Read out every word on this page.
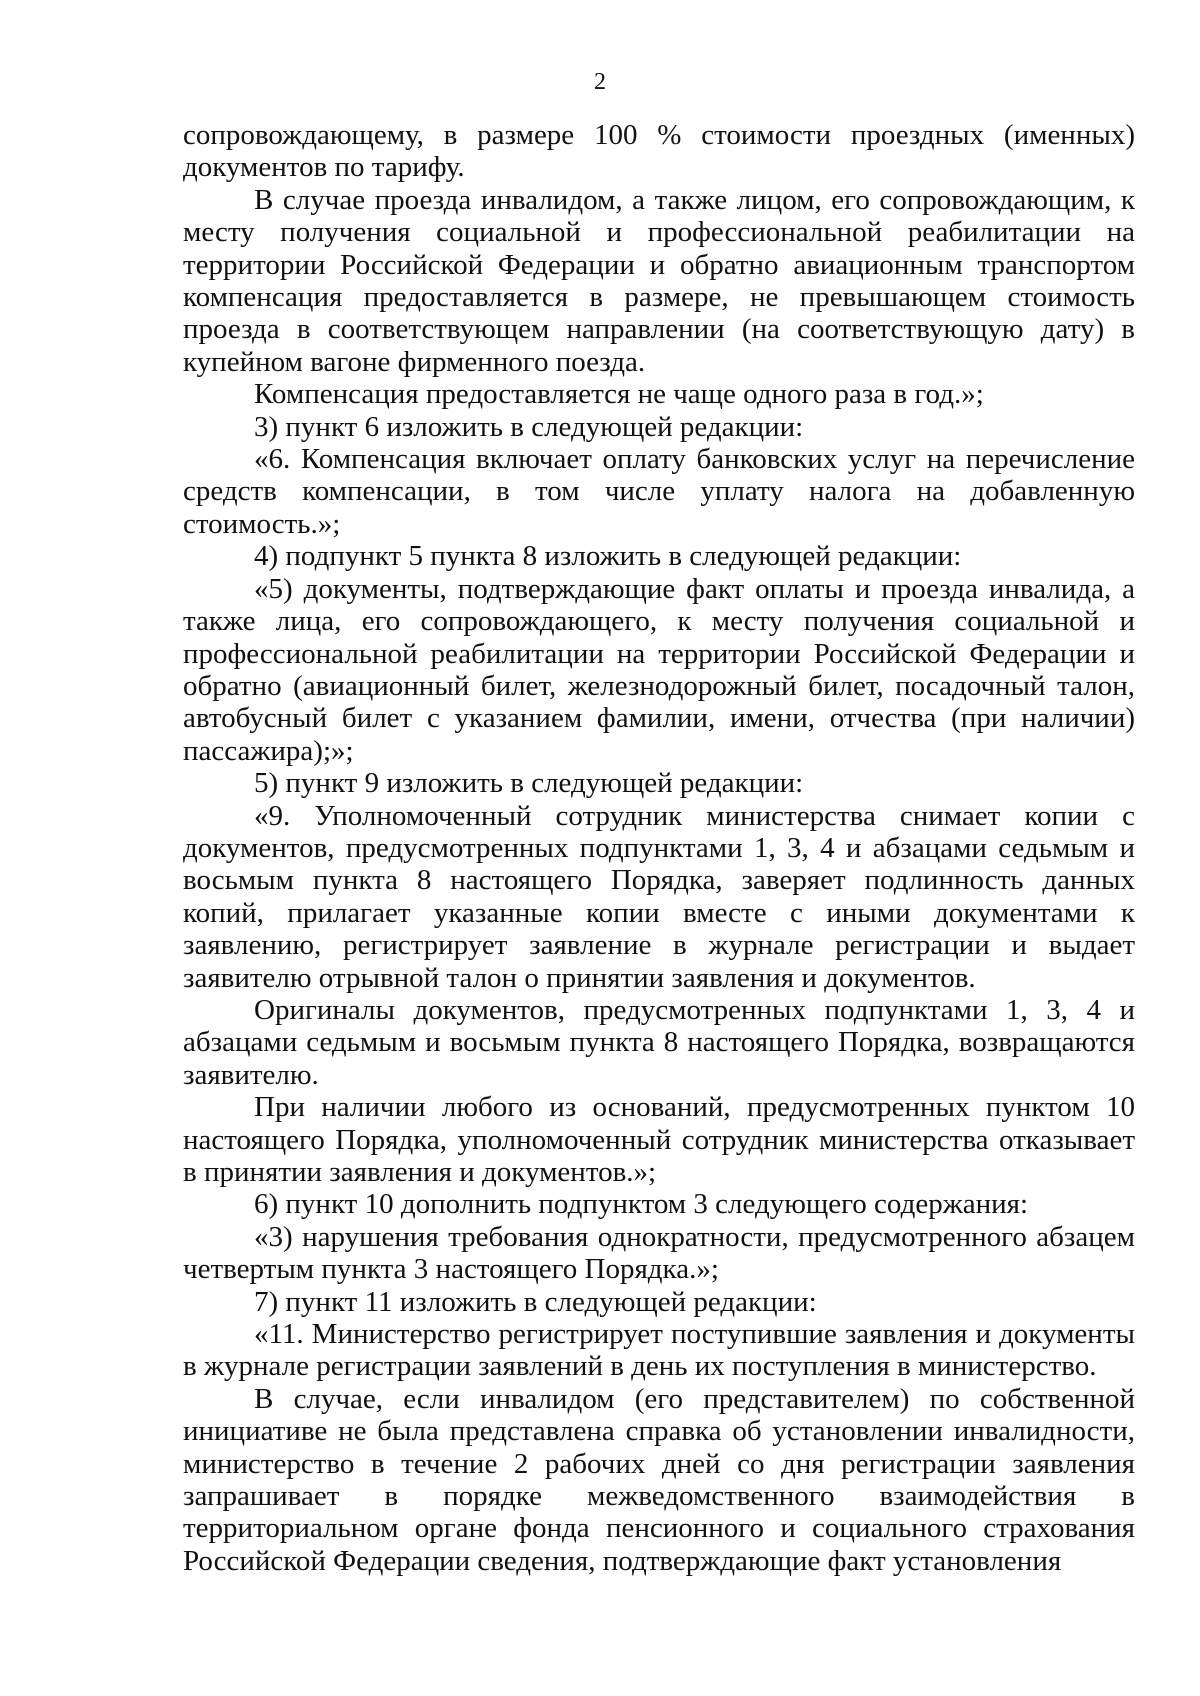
2

сопровождающему, в размере 100 % стоимости проездных (именных) документов по тарифу.

В случае проезда инвалидом, а также лицом, его сопровождающим, к месту получения социальной и профессиональной реабилитации на территории Российской Федерации и обратно авиационным транспортом компенсация предоставляется в размере, не превышающем стоимость проезда в соответствующем направлении (на соответствующую дату) в купейном вагоне фирменного поезда.

Компенсация предоставляется не чаще одного раза в год.»;

3) пункт 6 изложить в следующей редакции:

«6. Компенсация включает оплату банковских услуг на перечисление средств компенсации, в том числе уплату налога на добавленную стоимость.»;

4) подпункт 5 пункта 8 изложить в следующей редакции:

«5) документы, подтверждающие факт оплаты и проезда инвалида, а также лица, его сопровождающего, к месту получения социальной и профессиональной реабилитации на территории Российской Федерации и обратно (авиационный билет, железнодорожный билет, посадочный талон, автобусный билет с указанием фамилии, имени, отчества (при наличии) пассажира);»;

5) пункт 9 изложить в следующей редакции:

«9. Уполномоченный сотрудник министерства снимает копии с документов, предусмотренных подпунктами 1, 3, 4 и абзацами седьмым и восьмым пункта 8 настоящего Порядка, заверяет подлинность данных копий, прилагает указанные копии вместе с иными документами к заявлению, регистрирует заявление в журнале регистрации и выдает заявителю отрывной талон о принятии заявления и документов.

Оригиналы документов, предусмотренных подпунктами 1, 3, 4 и абзацами седьмым и восьмым пункта 8 настоящего Порядка, возвращаются заявителю.

При наличии любого из оснований, предусмотренных пунктом 10 настоящего Порядка, уполномоченный сотрудник министерства отказывает в принятии заявления и документов.»;

6) пункт 10 дополнить подпунктом 3 следующего содержания:

«3) нарушения требования однократности, предусмотренного абзацем четвертым пункта 3 настоящего Порядка.»;

7) пункт 11 изложить в следующей редакции:

«11. Министерство регистрирует поступившие заявления и документы в журнале регистрации заявлений в день их поступления в министерство.

В случае, если инвалидом (его представителем) по собственной инициативе не была представлена справка об установлении инвалидности, министерство в течение 2 рабочих дней со дня регистрации заявления запрашивает в порядке межведомственного взаимодействия в территориальном органе фонда пенсионного и социального страхования Российской Федерации сведения, подтверждающие факт установления
